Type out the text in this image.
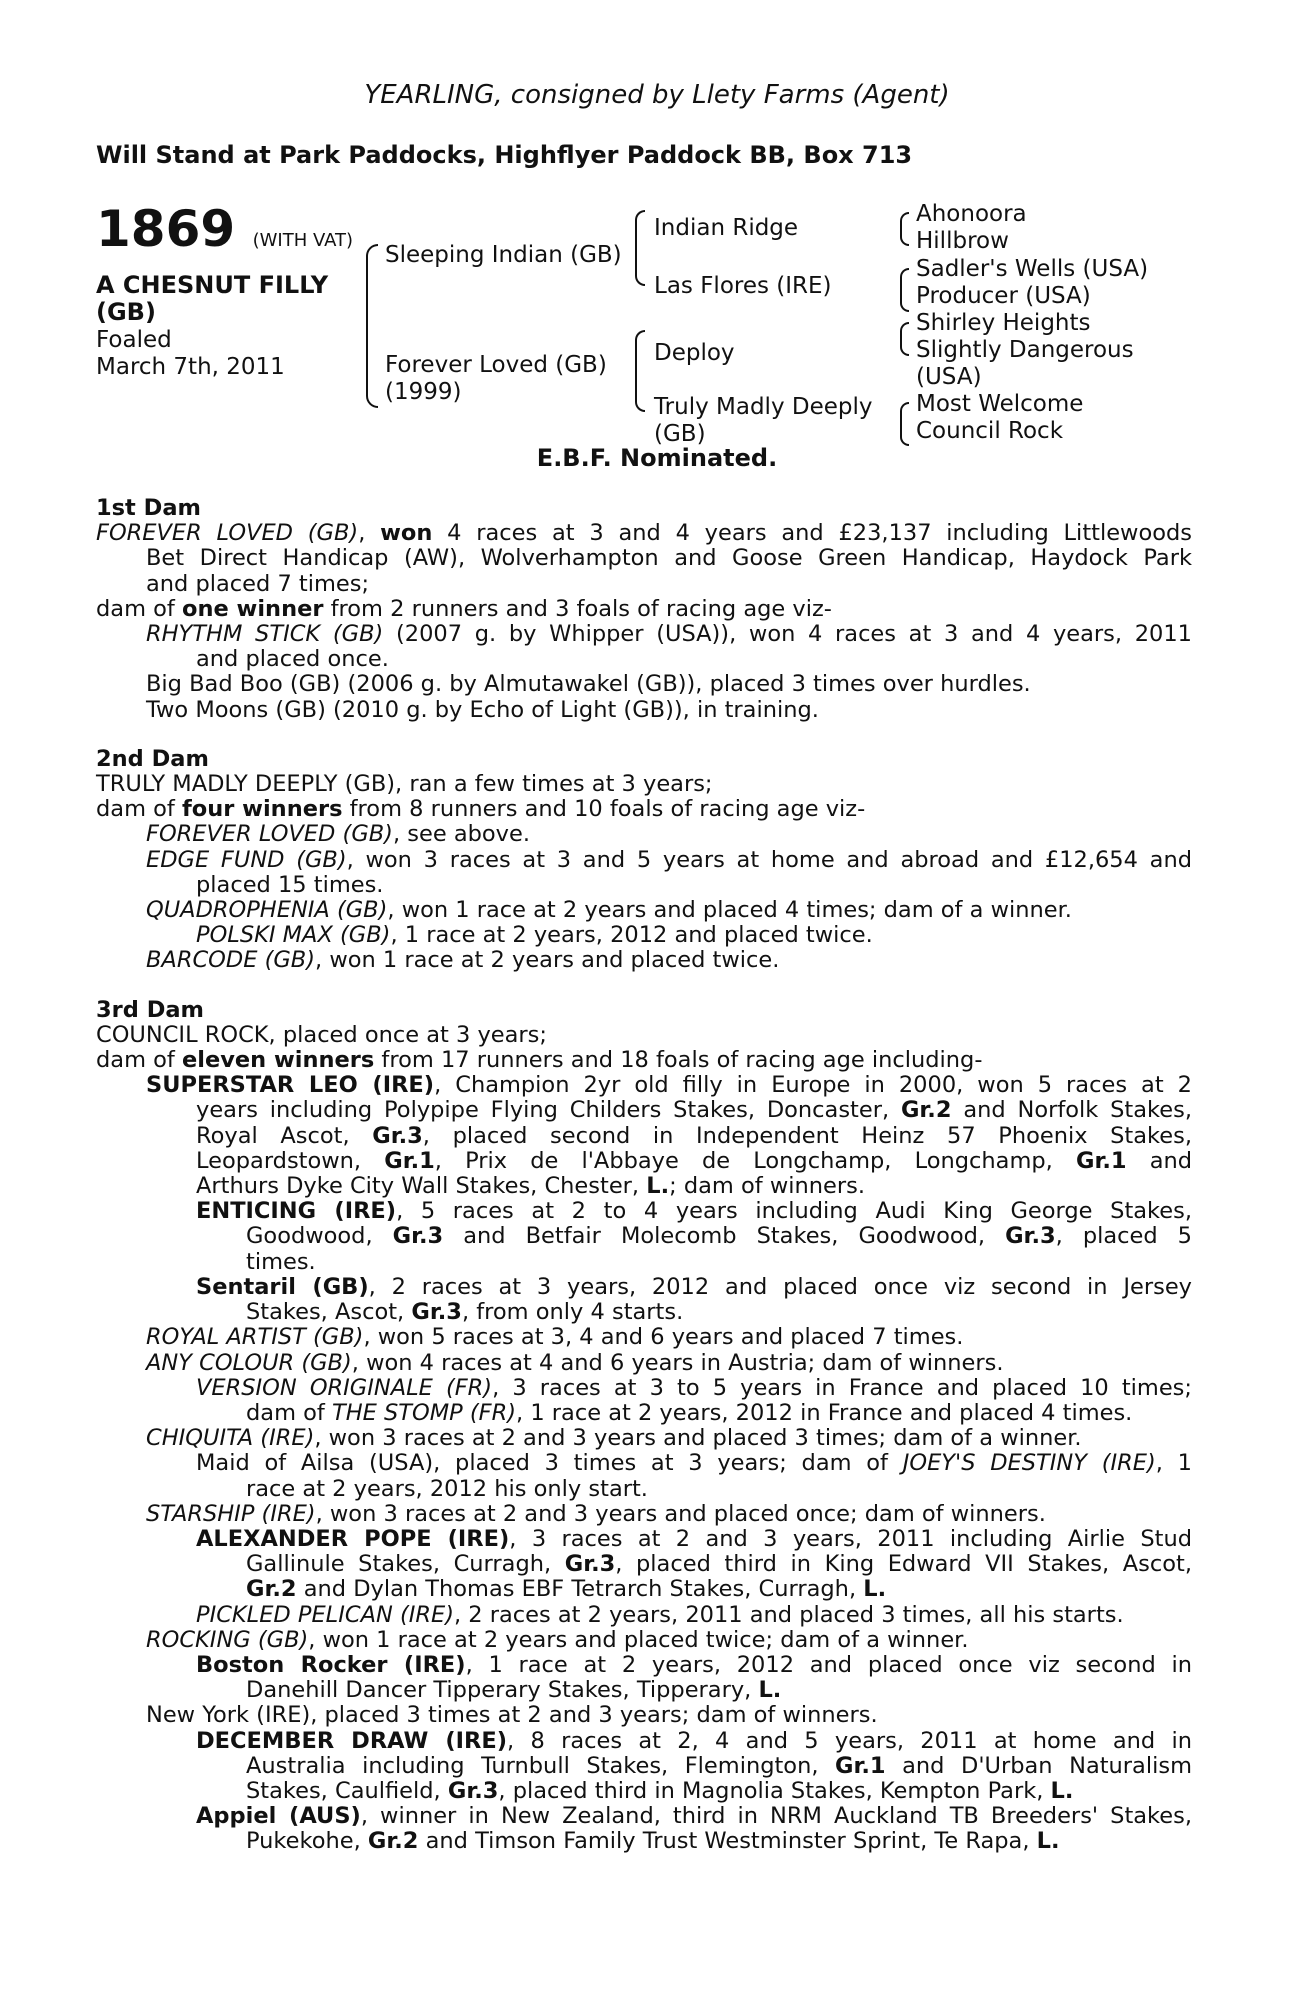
YEARLING, consigned by Llety Farms (Agent)
Will Stand at Park Paddocks, Highflyer Paddock BB, Box 713
1869 (WITH VAT)
A CHESNUT FILLY
(GB)
Foaled
March 7th, 2011
Sleeping Indian (GB)
Forever Loved (GB)
(1999)
Indian Ridge
Las Flores (IRE)
Deploy
Truly Madly Deeply
(GB)
Ahonoora
Hillbrow
Sadler's Wells (USA)
Producer (USA)
Shirley Heights
Slightly Dangerous
(USA)
Most Welcome
Council Rock
E.B.F. Nominated.
1st Dam
FOREVER LOVED (GB), won 4 races at 3 and 4 years and £23,137 including Littlewoods
Bet Direct Handicap (AW), Wolverhampton and Goose Green Handicap, Haydock Park
and placed 7 times;
dam of one winner from 2 runners and 3 foals of racing age viz-
RHYTHM STICK (GB) (2007 g. by Whipper (USA)), won 4 races at 3 and 4 years, 2011
and placed once.
Big Bad Boo (GB) (2006 g. by Almutawakel (GB)), placed 3 times over hurdles.
Two Moons (GB) (2010 g. by Echo of Light (GB)), in training.
2nd Dam
TRULY MADLY DEEPLY (GB), ran a few times at 3 years;
dam of four winners from 8 runners and 10 foals of racing age viz-
FOREVER LOVED (GB), see above.
EDGE FUND (GB), won 3 races at 3 and 5 years at home and abroad and £12,654 and
placed 15 times.
QUADROPHENIA (GB), won 1 race at 2 years and placed 4 times; dam of a winner.
POLSKI MAX (GB), 1 race at 2 years, 2012 and placed twice.
BARCODE (GB), won 1 race at 2 years and placed twice.
3rd Dam
COUNCIL ROCK, placed once at 3 years;
dam of eleven winners from 17 runners and 18 foals of racing age including-
SUPERSTAR LEO (IRE), Champion 2yr old filly in Europe in 2000, won 5 races at 2
years including Polypipe Flying Childers Stakes, Doncaster, Gr.2 and Norfolk Stakes,
Royal Ascot, Gr.3, placed second in Independent Heinz 57 Phoenix Stakes,
Leopardstown, Gr.1, Prix de l'Abbaye de Longchamp, Longchamp, Gr.1 and
Arthurs Dyke City Wall Stakes, Chester, L.; dam of winners.
ENTICING (IRE), 5 races at 2 to 4 years including Audi King George Stakes,
Goodwood, Gr.3 and Betfair Molecomb Stakes, Goodwood, Gr.3, placed 5
times.
Sentaril (GB), 2 races at 3 years, 2012 and placed once viz second in Jersey
Stakes, Ascot, Gr.3, from only 4 starts.
ROYAL ARTIST (GB), won 5 races at 3, 4 and 6 years and placed 7 times.
ANY COLOUR (GB), won 4 races at 4 and 6 years in Austria; dam of winners.
VERSION ORIGINALE (FR), 3 races at 3 to 5 years in France and placed 10 times;
dam of THE STOMP (FR), 1 race at 2 years, 2012 in France and placed 4 times.
CHIQUITA (IRE), won 3 races at 2 and 3 years and placed 3 times; dam of a winner.
Maid of Ailsa (USA), placed 3 times at 3 years; dam of JOEY'S DESTINY (IRE), 1
race at 2 years, 2012 his only start.
STARSHIP (IRE), won 3 races at 2 and 3 years and placed once; dam of winners.
ALEXANDER POPE (IRE), 3 races at 2 and 3 years, 2011 including Airlie Stud
Gallinule Stakes, Curragh, Gr.3, placed third in King Edward VII Stakes, Ascot,
Gr.2 and Dylan Thomas EBF Tetrarch Stakes, Curragh, L.
PICKLED PELICAN (IRE), 2 races at 2 years, 2011 and placed 3 times, all his starts.
ROCKING (GB), won 1 race at 2 years and placed twice; dam of a winner.
Boston Rocker (IRE), 1 race at 2 years, 2012 and placed once viz second in
Danehill Dancer Tipperary Stakes, Tipperary, L.
New York (IRE), placed 3 times at 2 and 3 years; dam of winners.
DECEMBER DRAW (IRE), 8 races at 2, 4 and 5 years, 2011 at home and in
Australia including Turnbull Stakes, Flemington, Gr.1 and D'Urban Naturalism
Stakes, Caulfield, Gr.3, placed third in Magnolia Stakes, Kempton Park, L.
Appiel (AUS), winner in New Zealand, third in NRM Auckland TB Breeders' Stakes,
Pukekohe, Gr.2 and Timson Family Trust Westminster Sprint, Te Rapa, L.
